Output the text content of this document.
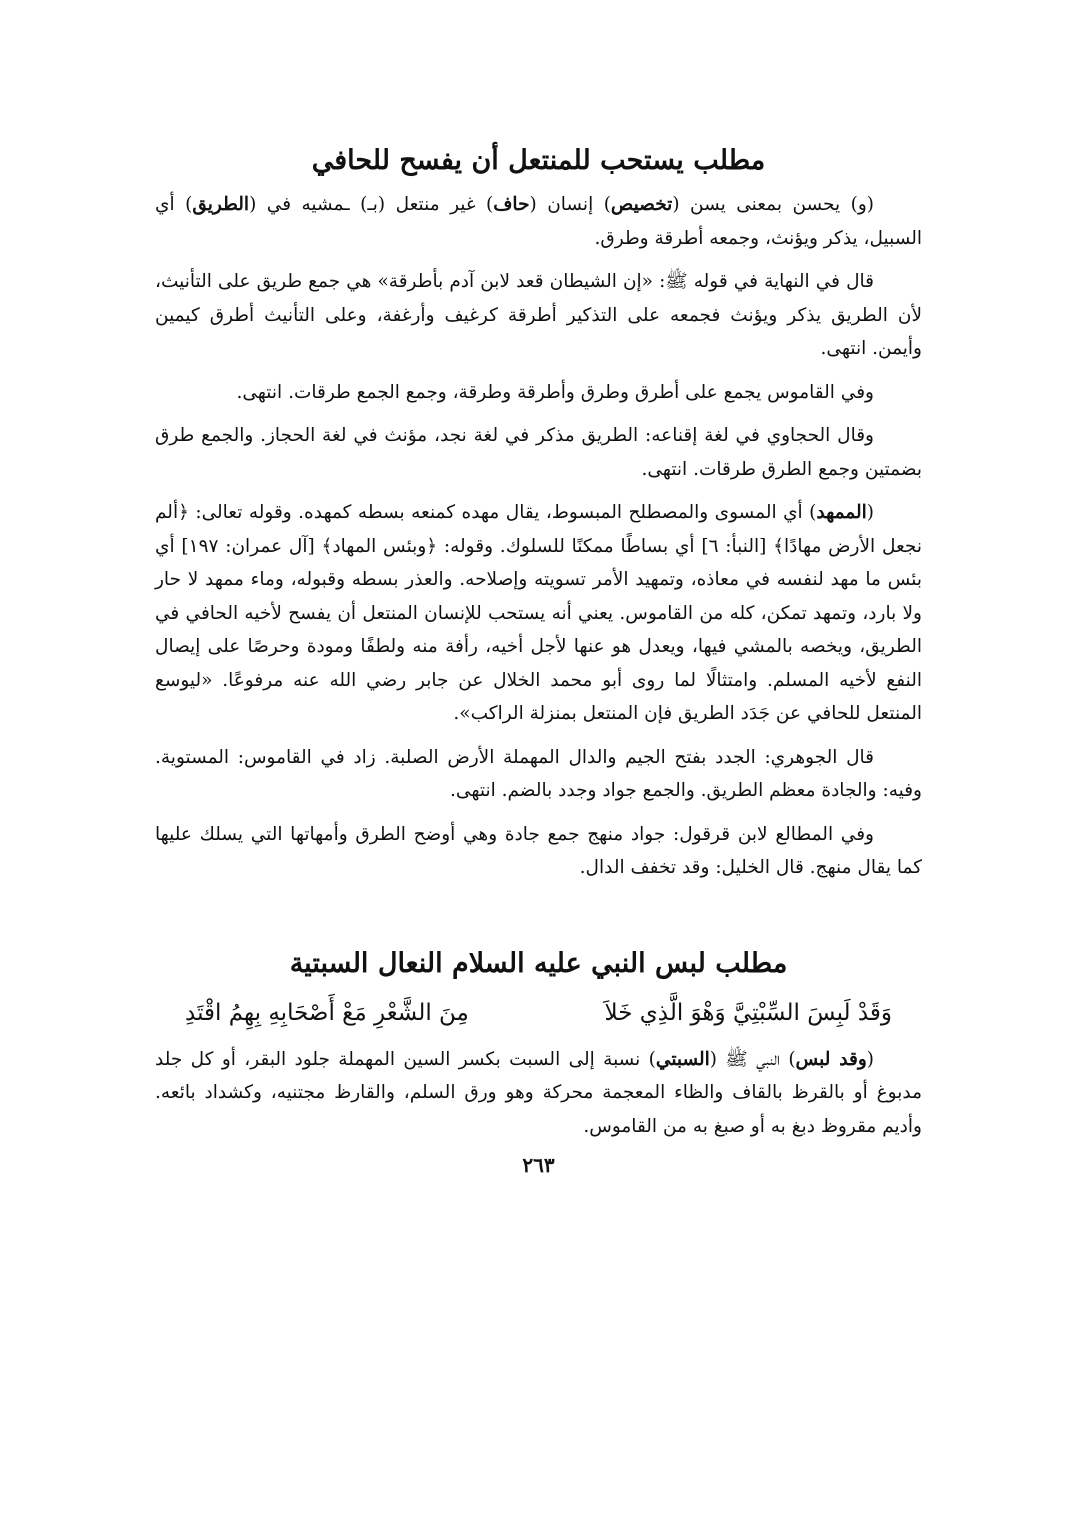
مطلب يستحب للمنتعل أن يفسح للحافي

(و) يحسن بمعنى يسن (تخصيص) إنسان (حاف) غير منتعل (بـ) ـمشيه في (الطريق) أي السبيل، يذكر ويؤنث، وجمعه أطرقة وطرق.

قال في النهاية في قوله ﷺ: «إن الشيطان قعد لابن آدم بأطرقة» هي جمع طريق على التأنيث، لأن الطريق يذكر ويؤنث فجمعه على التذكير أطرقة كرغيف وأرغفة، وعلى التأنيث أطرق كيمين وأيمن. انتهى.

وفي القاموس يجمع على أطرق وطرق وأطرقة وطرقة، وجمع الجمع طرقات. انتهى.

وقال الحجاوي في لغة إقناعه: الطريق مذكر في لغة نجد، مؤنث في لغة الحجاز. والجمع طرق بضمتين وجمع الطرق طرقات. انتهى.

(الممهد) أي المسوى والمصطلح المبسوط، يقال مهده كمنعه بسطه كمهده. وقوله تعالى: ﴿ألم نجعل الأرض مهادًا﴾ [النبأ: ٦] أي بساطًا ممكنًا للسلوك. وقوله: ﴿وبئس المهاد﴾ [آل عمران: ١٩٧] أي بئس ما مهد لنفسه في معاذه، وتمهيد الأمر تسويته وإصلاحه. والعذر بسطه وقبوله، وماء ممهد لا حار ولا بارد، وتمهد تمكن، كله من القاموس. يعني أنه يستحب للإنسان المنتعل أن يفسح لأخيه الحافي في الطريق، ويخصه بالمشي فيها، ويعدل هو عنها لأجل أخيه، رأفة منه ولطفًا ومودة وحرصًا على إيصال النفع لأخيه المسلم. وامتثالًا لما روى أبو محمد الخلال عن جابر رضي الله عنه مرفوعًا. «ليوسع المنتعل للحافي عن جَدَد الطريق فإن المنتعل بمنزلة الراكب».

قال الجوهري: الجدد بفتح الجيم والدال المهملة الأرض الصلبة. زاد في القاموس: المستوية. وفيه: والجادة معظم الطريق. والجمع جواد وجدد بالضم. انتهى.

وفي المطالع لابن قرقول: جواد منهج جمع جادة وهي أوضح الطرق وأمهاتها التي يسلك عليها كما يقال منهج. قال الخليل: وقد تخفف الدال.

مطلب لبس النبي عليه السلام النعال السبتية
وَقَدْ لَبِسَ السِّبْتِيَّ وَهْوَ الَّذِي خَلاَ
مِنَ الشَّعْرِ مَعْ أَصْحَابِهِ بِهِمُ اقْتَدِ

(وقد لبس) النبي ﷺ (السبتي) نسبة إلى السبت بكسر السين المهملة جلود البقر، أو كل جلد مدبوغ أو بالقرظ بالقاف والظاء المعجمة محركة وهو ورق السلم، والقارظ مجتنيه، وكشداد بائعه. وأديم مقروظ دبغ به أو صبغ به من القاموس.

٢٦٣
